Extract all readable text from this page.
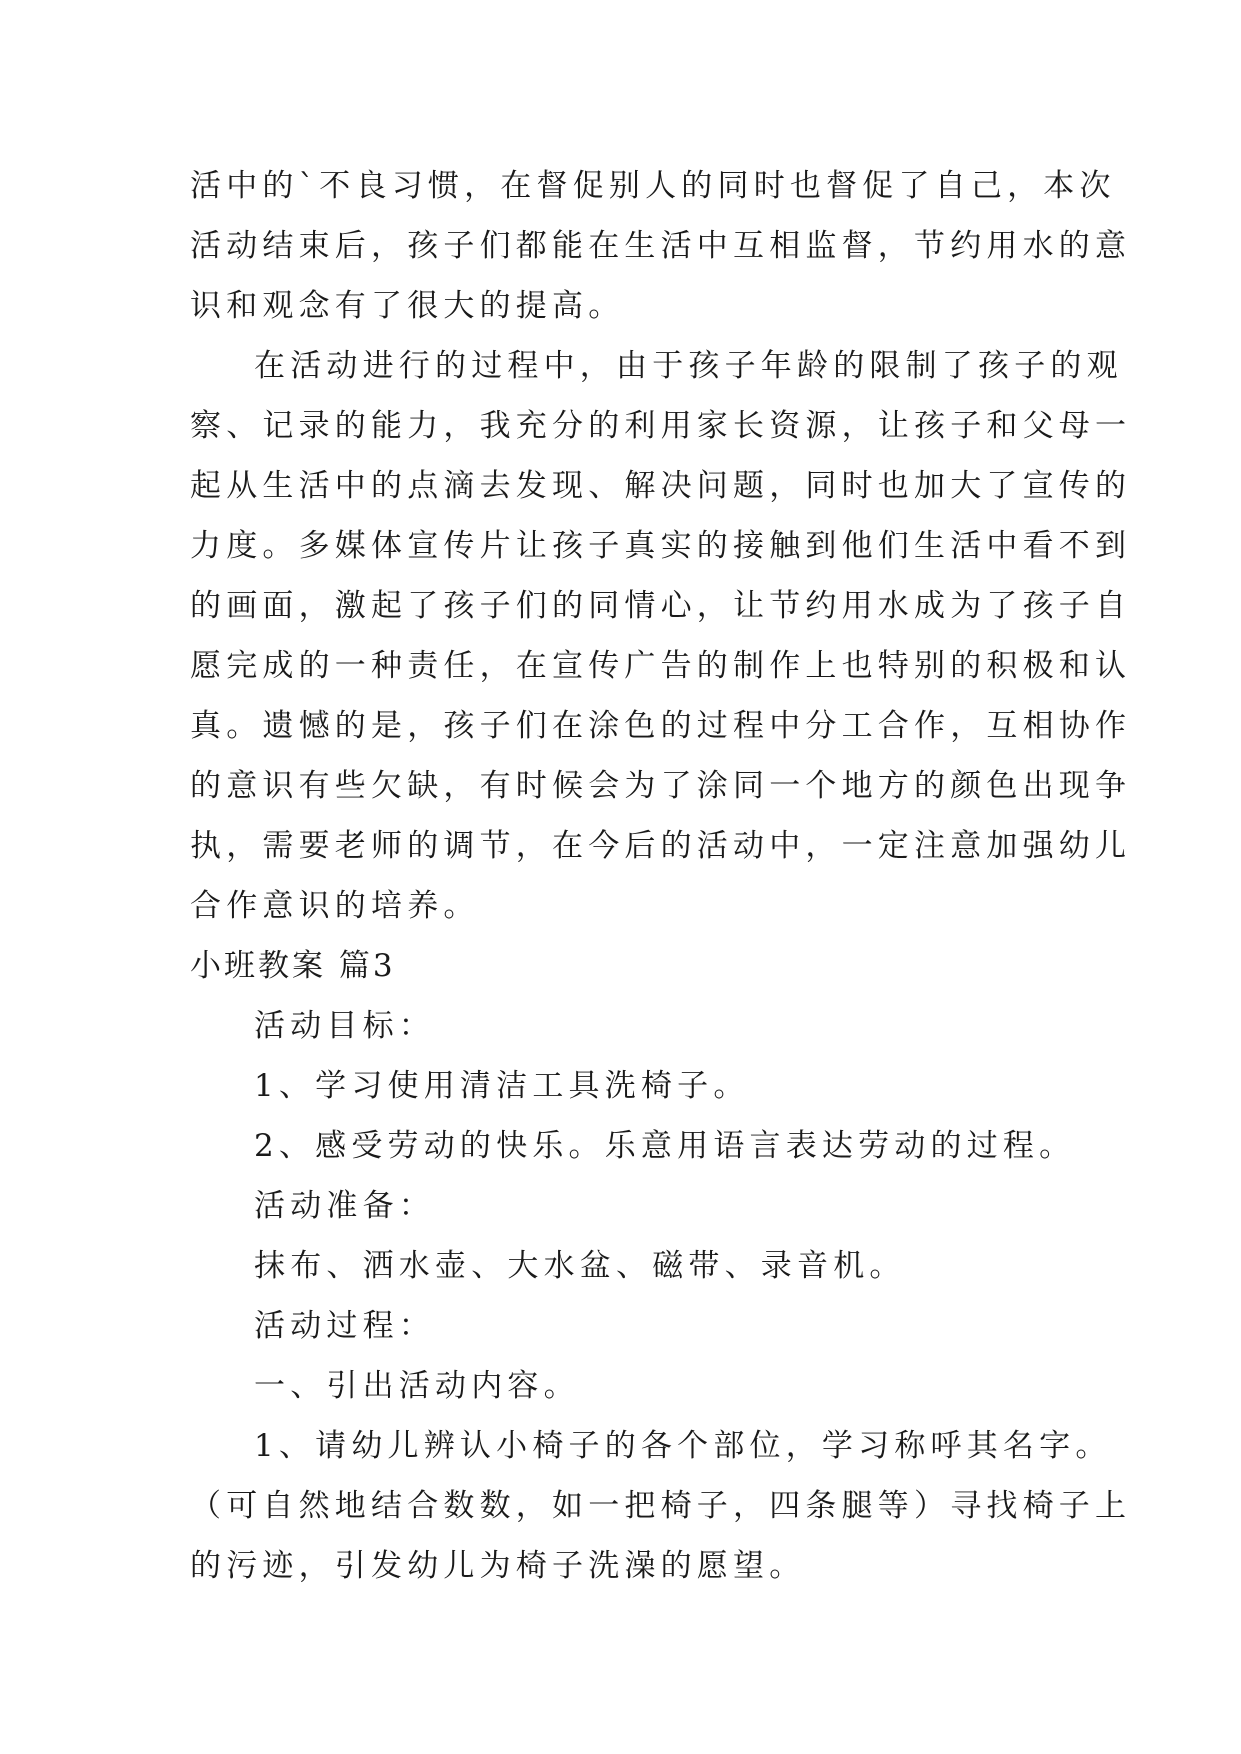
活中的`不良习惯，在督促别人的同时也督促了自己，本次
活动结束后，孩子们都能在生活中互相监督，节约用水的意
识和观念有了很大的提高。
在活动进行的过程中，由于孩子年龄的限制了孩子的观
察、记录的能力，我充分的利用家长资源，让孩子和父母一
起从生活中的点滴去发现、解决问题，同时也加大了宣传的
力度。多媒体宣传片让孩子真实的接触到他们生活中看不到
的画面，激起了孩子们的同情心，让节约用水成为了孩子自
愿完成的一种责任，在宣传广告的制作上也特别的积极和认
真。遗憾的是，孩子们在涂色的过程中分工合作，互相协作
的意识有些欠缺，有时候会为了涂同一个地方的颜色出现争
执，需要老师的调节，在今后的活动中，一定注意加强幼儿
合作意识的培养。
小班教案 篇3
活动目标：
1、学习使用清洁工具洗椅子。
2、感受劳动的快乐。乐意用语言表达劳动的过程。
活动准备：
抹布、洒水壶、大水盆、磁带、录音机。
活动过程：
一、引出活动内容。
1、请幼儿辨认小椅子的各个部位，学习称呼其名字。
（可自然地结合数数，如一把椅子，四条腿等）寻找椅子上
的污迹，引发幼儿为椅子洗澡的愿望。
